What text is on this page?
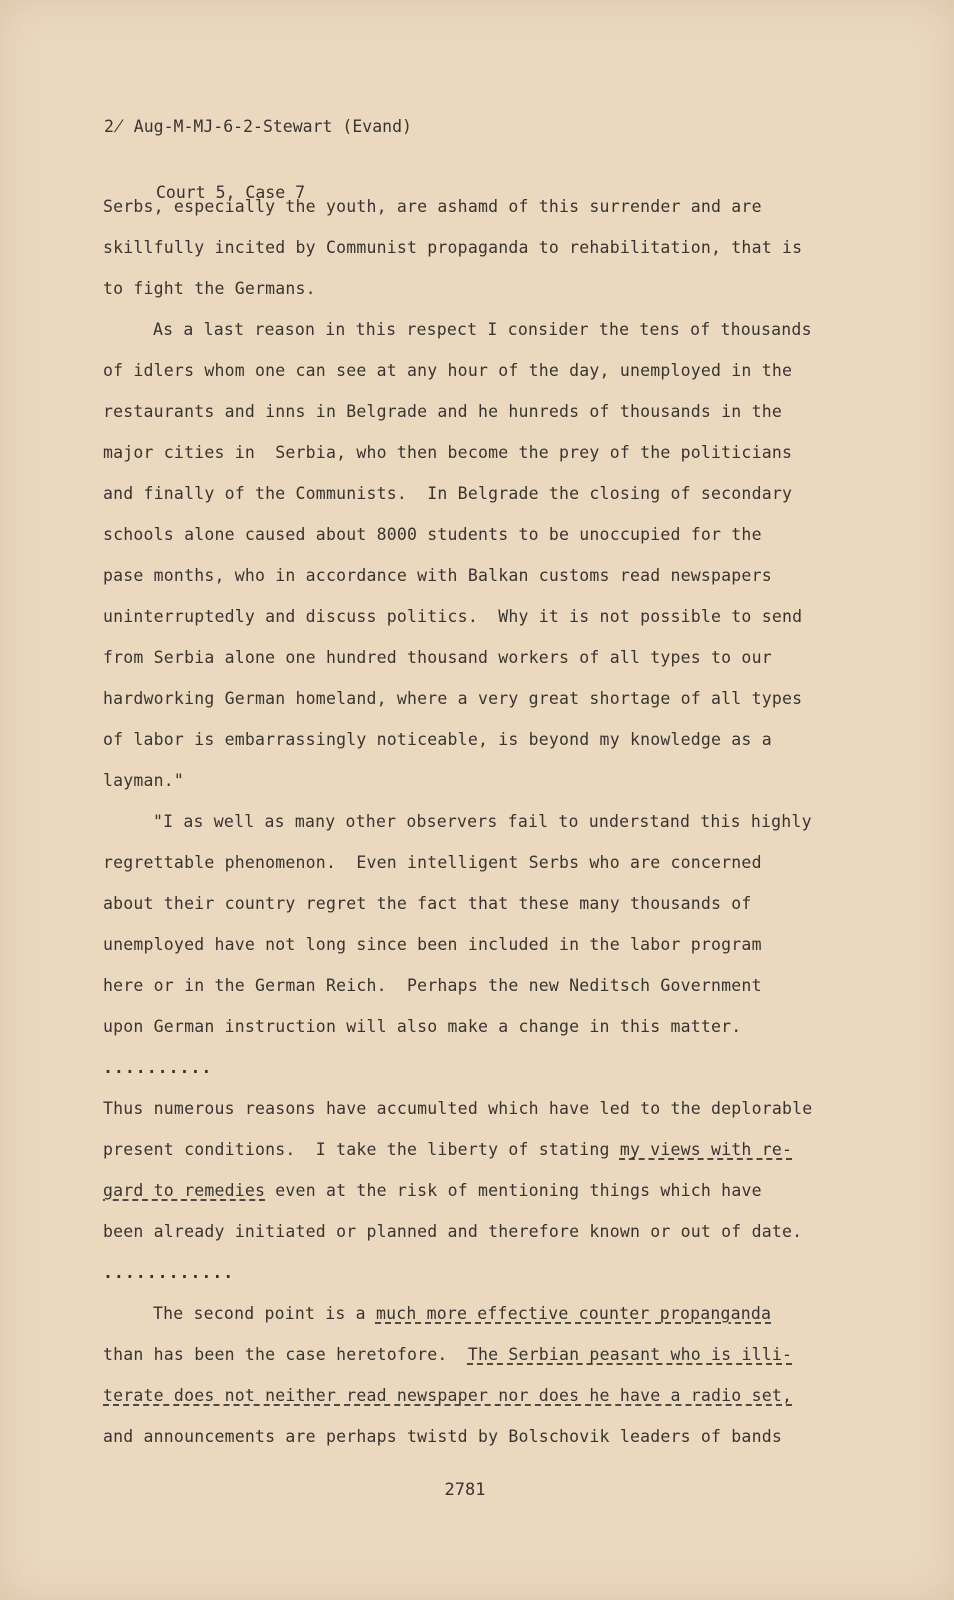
2̸ Aug-M-MJ-6-2-Stewart (Evand)

Court 5, Case 7

Serbs, especially the youth, are ashamd of this surrender and are
skillfully incited by Communist propaganda to rehabilitation, that is
to fight the Germans.
As a last reason in this respect I consider the tens of thousands
of idlers whom one can see at any hour of the day, unemployed in the
restaurants and inns in Belgrade and he hunreds of thousands in the
major cities in  Serbia, who then become the prey of the politicians
and finally of the Communists.  In Belgrade the closing of secondary
schools alone caused about 8000 students to be unoccupied for the
pase months, who in accordance with Balkan customs read newspapers
uninterruptedly and discuss politics.  Why it is not possible to send
from Serbia alone one hundred thousand workers of all types to our
hardworking German homeland, where a very great shortage of all types
of labor is embarrassingly noticeable, is beyond my knowledge as a
layman."
"I as well as many other observers fail to understand this highly
regrettable phenomenon.  Even intelligent Serbs who are concerned
about their country regret the fact that these many thousands of
unemployed have not long since been included in the labor program
here or in the German Reich.  Perhaps the new Neditsch Government
upon German instruction will also make a change in this matter.
..........
Thus numerous reasons have accumulted which have led to the deplorable
present conditions.  I take the liberty of stating my views with re-
gard to remedies even at the risk of mentioning things which have
been already initiated or planned and therefore known or out of date.
............
The second point is a much more effective counter propanganda
than has been the case heretofore.  The Serbian peasant who is illi-
terate does not neither read newspaper nor does he have a radio set,
and announcements are perhaps twistd by Bolschovik leaders of bands
2781
